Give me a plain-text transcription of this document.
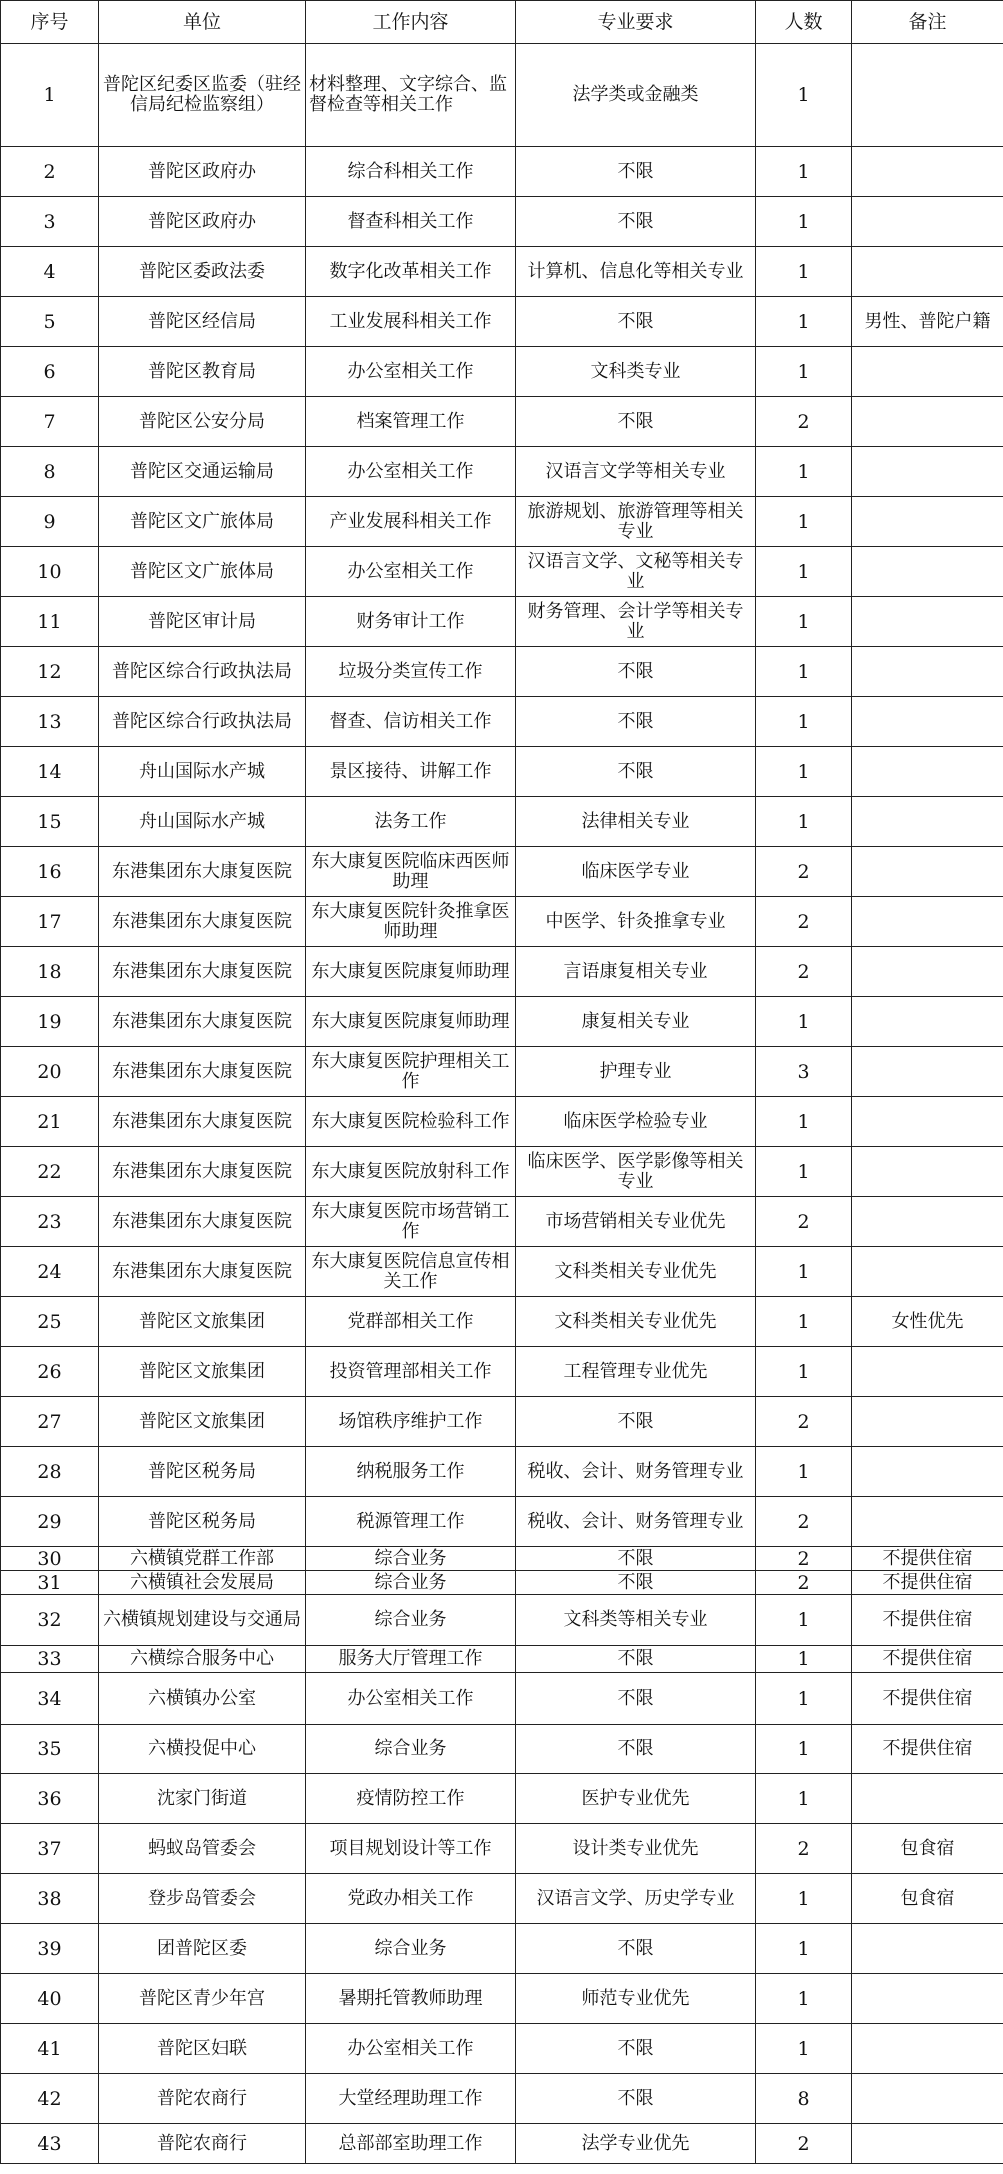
序号	单位	工作内容	专业要求	人数	备注
1	普陀区纪委区监委（驻经信局纪检监察组）	材料整理、文字综合、监督检查等相关工作	法学类或金融类	1	
2	普陀区政府办	综合科相关工作	不限	1	
3	普陀区政府办	督查科相关工作	不限	1	
4	普陀区委政法委	数字化改革相关工作	计算机、信息化等相关专业	1	
5	普陀区经信局	工业发展科相关工作	不限	1	男性、普陀户籍
6	普陀区教育局	办公室相关工作	文科类专业	1	
7	普陀区公安分局	档案管理工作	不限	2	
8	普陀区交通运输局	办公室相关工作	汉语言文学等相关专业	1	
9	普陀区文广旅体局	产业发展科相关工作	旅游规划、旅游管理等相关专业	1	
10	普陀区文广旅体局	办公室相关工作	汉语言文学、文秘等相关专业	1	
11	普陀区审计局	财务审计工作	财务管理、会计学等相关专业	1	
12	普陀区综合行政执法局	垃圾分类宣传工作	不限	1	
13	普陀区综合行政执法局	督查、信访相关工作	不限	1	
14	舟山国际水产城	景区接待、讲解工作	不限	1	
15	舟山国际水产城	法务工作	法律相关专业	1	
16	东港集团东大康复医院	东大康复医院临床西医师助理	临床医学专业	2	
17	东港集团东大康复医院	东大康复医院针灸推拿医师助理	中医学、针灸推拿专业	2	
18	东港集团东大康复医院	东大康复医院康复师助理	言语康复相关专业	2	
19	东港集团东大康复医院	东大康复医院康复师助理	康复相关专业	1	
20	东港集团东大康复医院	东大康复医院护理相关工作	护理专业	3	
21	东港集团东大康复医院	东大康复医院检验科工作	临床医学检验专业	1	
22	东港集团东大康复医院	东大康复医院放射科工作	临床医学、医学影像等相关专业	1	
23	东港集团东大康复医院	东大康复医院市场营销工作	市场营销相关专业优先	2	
24	东港集团东大康复医院	东大康复医院信息宣传相关工作	文科类相关专业优先	1	
25	普陀区文旅集团	党群部相关工作	文科类相关专业优先	1	女性优先
26	普陀区文旅集团	投资管理部相关工作	工程管理专业优先	1	
27	普陀区文旅集团	场馆秩序维护工作	不限	2	
28	普陀区税务局	纳税服务工作	税收、会计、财务管理专业	1	
29	普陀区税务局	税源管理工作	税收、会计、财务管理专业	2	
30	六横镇党群工作部	综合业务	不限	2	不提供住宿
31	六横镇社会发展局	综合业务	不限	2	不提供住宿
32	六横镇规划建设与交通局	综合业务	文科类等相关专业	1	不提供住宿
33	六横综合服务中心	服务大厅管理工作	不限	1	不提供住宿
34	六横镇办公室	办公室相关工作	不限	1	不提供住宿
35	六横投促中心	综合业务	不限	1	不提供住宿
36	沈家门街道	疫情防控工作	医护专业优先	1	
37	蚂蚁岛管委会	项目规划设计等工作	设计类专业优先	2	包食宿
38	登步岛管委会	党政办相关工作	汉语言文学、历史学专业	1	包食宿
39	团普陀区委	综合业务	不限	1	
40	普陀区青少年宫	暑期托管教师助理	师范专业优先	1	
41	普陀区妇联	办公室相关工作	不限	1	
42	普陀农商行	大堂经理助理工作	不限	8	
43	普陀农商行	总部部室助理工作	法学专业优先	2	
